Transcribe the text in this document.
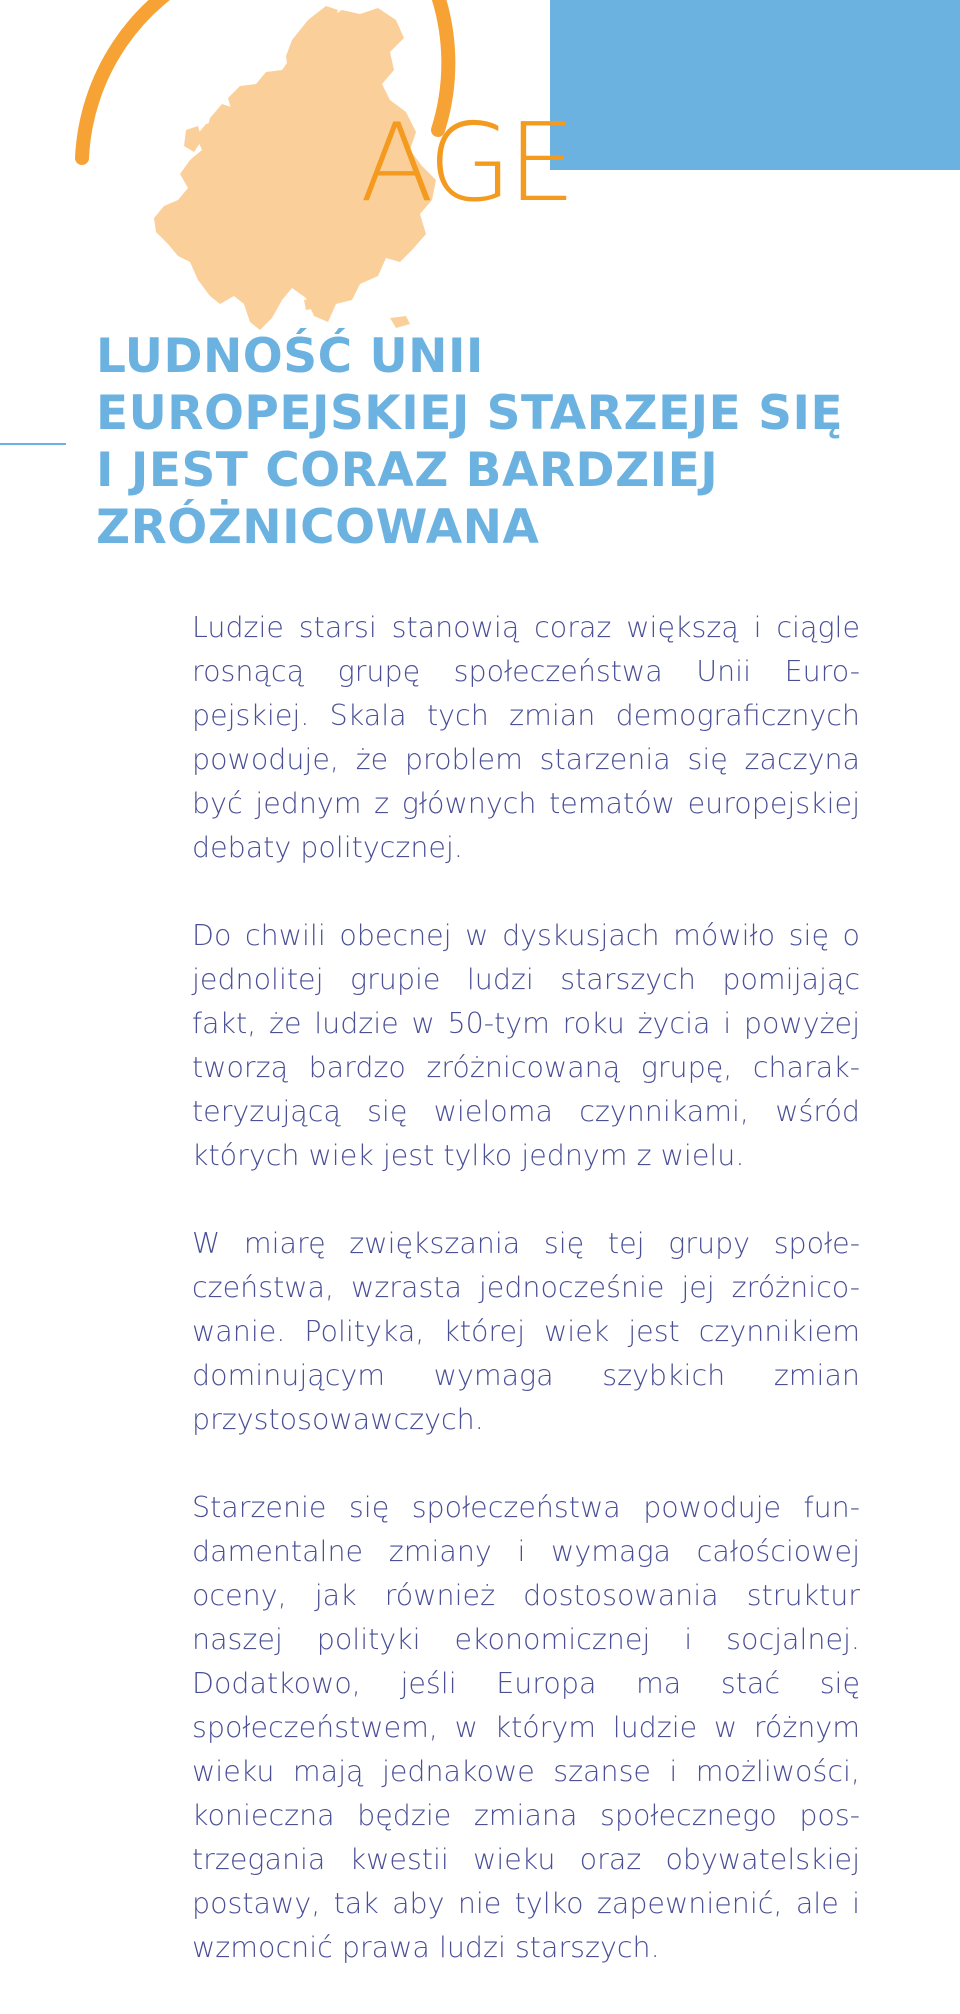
AGE
LUDNOŚĆ UNII
EUROPEJSKIEJ STARZEJE SIĘ
I JEST CORAZ BARDZIEJ
ZRÓŻNICOWANA

Ludzie starsi stanowią coraz większą i ciągle
rosnącą grupę społeczeństwa Unii Euro-
pejskiej. Skala tych zmian demograficznych
powoduje, że problem starzenia się zaczyna
być jednym z głównych tematów europejskiej
debaty politycznej.

Do chwili obecnej w dyskusjach mówiło się o
jednolitej grupie ludzi starszych pomijając
fakt, że ludzie w 50-tym roku życia i powyżej
tworzą bardzo zróżnicowaną grupę, charak-
teryzującą się wieloma czynnikami, wśród
których wiek jest tylko jednym z wielu.

W miarę zwiększania się tej grupy społe-
czeństwa, wzrasta jednocześnie jej zróżnico-
wanie. Polityka, której wiek jest czynnikiem
dominującym wymaga szybkich zmian
przystosowawczych.

Starzenie się społeczeństwa powoduje fun-
damentalne zmiany i wymaga całościowej
oceny, jak również dostosowania struktur
naszej polityki ekonomicznej i socjalnej.
Dodatkowo, jeśli Europa ma stać się
społeczeństwem, w którym ludzie w różnym
wieku mają jednakowe szanse i możliwości,
konieczna będzie zmiana społecznego pos-
trzegania kwestii wieku oraz obywatelskiej
postawy, tak aby nie tylko zapewnienić, ale i
wzmocnić prawa ludzi starszych.
